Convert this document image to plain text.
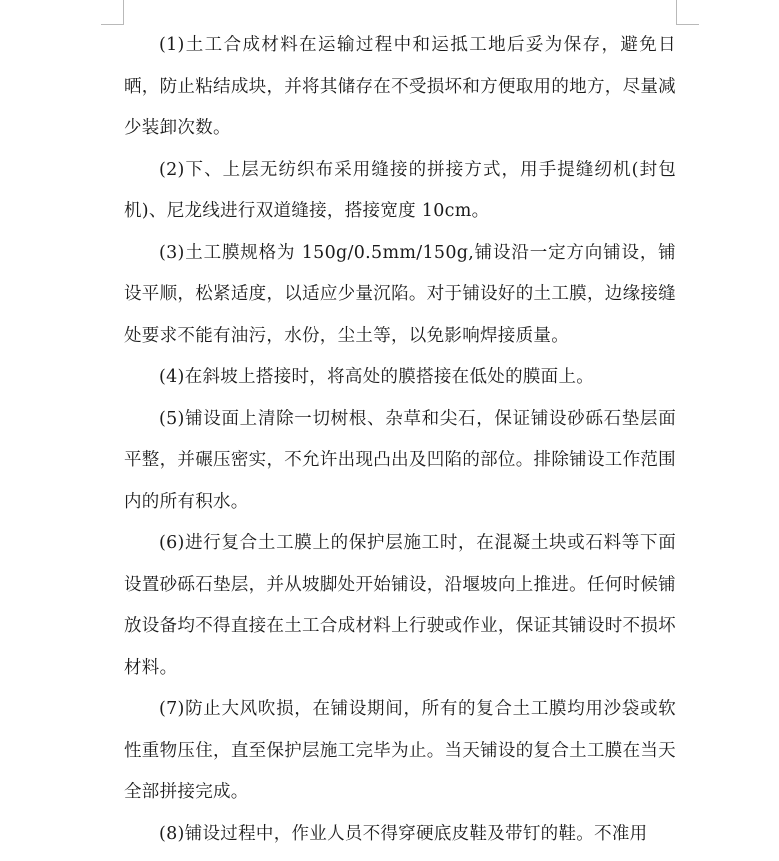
(1)土工合成材料在运输过程中和运抵工地后妥为保存，避免日晒，防止粘结成块，并将其储存在不受损坏和方便取用的地方，尽量减少装卸次数。

(2)下、上层无纺织布采用缝接的拼接方式，用手提缝纫机(封包机)、尼龙线进行双道缝接，搭接宽度 10cm。

(3)土工膜规格为 150g/0.5mm/150g,铺设沿一定方向铺设，铺设平顺，松紧适度，以适应少量沉陷。对于铺设好的土工膜，边缘接缝处要求不能有油污，水份，尘土等，以免影响焊接质量。

(4)在斜坡上搭接时，将高处的膜搭接在低处的膜面上。

(5)铺设面上清除一切树根、杂草和尖石，保证铺设砂砾石垫层面平整，并碾压密实，不允许出现凸出及凹陷的部位。排除铺设工作范围内的所有积水。

(6)进行复合土工膜上的保护层施工时，在混凝土块或石料等下面设置砂砾石垫层，并从坡脚处开始铺设，沿堰坡向上推进。任何时候铺放设备均不得直接在土工合成材料上行驶或作业，保证其铺设时不损坏材料。

(7)防止大风吹损，在铺设期间，所有的复合土工膜均用沙袋或软性重物压住，直至保护层施工完毕为止。当天铺设的复合土工膜在当天全部拼接完成。

(8)铺设过程中，作业人员不得穿硬底皮鞋及带钉的鞋。不准用
